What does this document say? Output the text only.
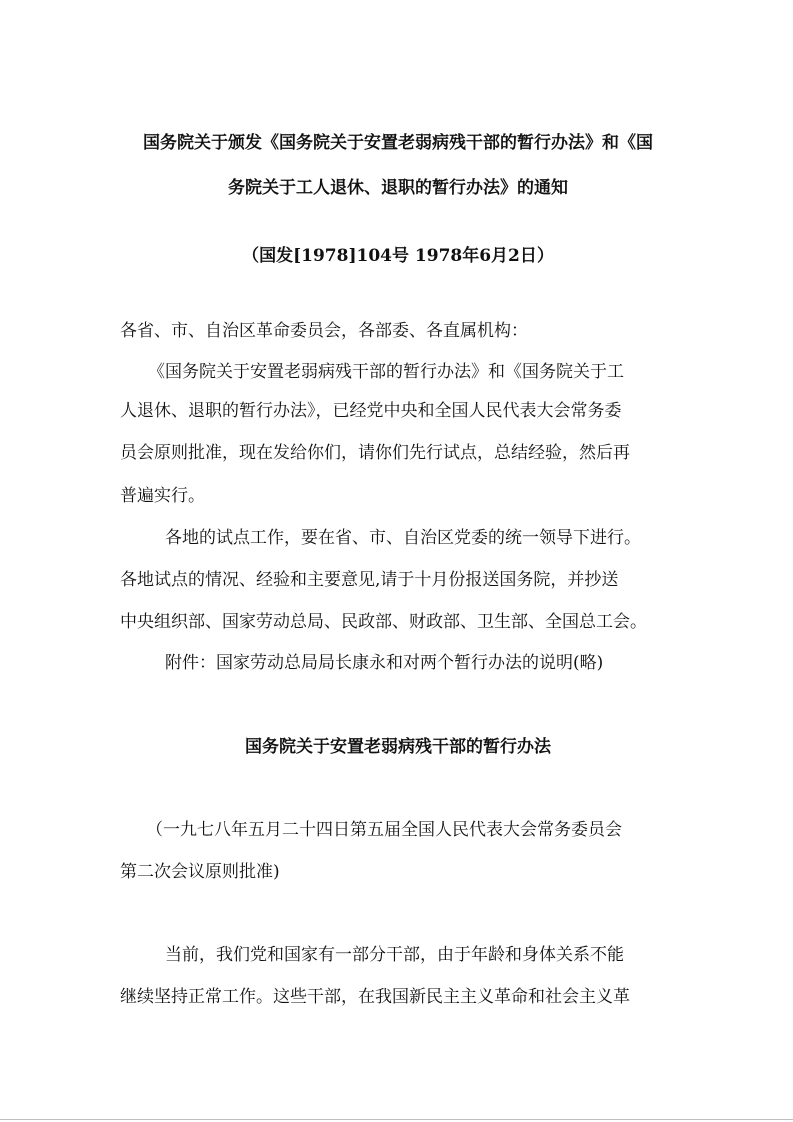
国务院关于颁发《国务院关于安置老弱病残干部的暂行办法》和《国
务院关于工人退休、退职的暂行办法》的通知
（国发[1978]104号 1978年6月2日）
各省、市、自治区革命委员会，各部委、各直属机构：
《国务院关于安置老弱病残干部的暂行办法》和《国务院关于工
人退休、退职的暂行办法》，已经党中央和全国人民代表大会常务委
员会原则批准，现在发给你们，请你们先行试点，总结经验，然后再
普遍实行。
各地的试点工作，要在省、市、自治区党委的统一领导下进行。
各地试点的情况、经验和主要意见,请于十月份报送国务院，并抄送
中央组织部、国家劳动总局、民政部、财政部、卫生部、全国总工会。
附件：国家劳动总局局长康永和对两个暂行办法的说明(略)
国务院关于安置老弱病残干部的暂行办法
（一九七八年五月二十四日第五届全国人民代表大会常务委员会
第二次会议原则批准)
当前，我们党和国家有一部分干部，由于年龄和身体关系不能
继续坚持正常工作。这些干部，在我国新民主主义革命和社会主义革
